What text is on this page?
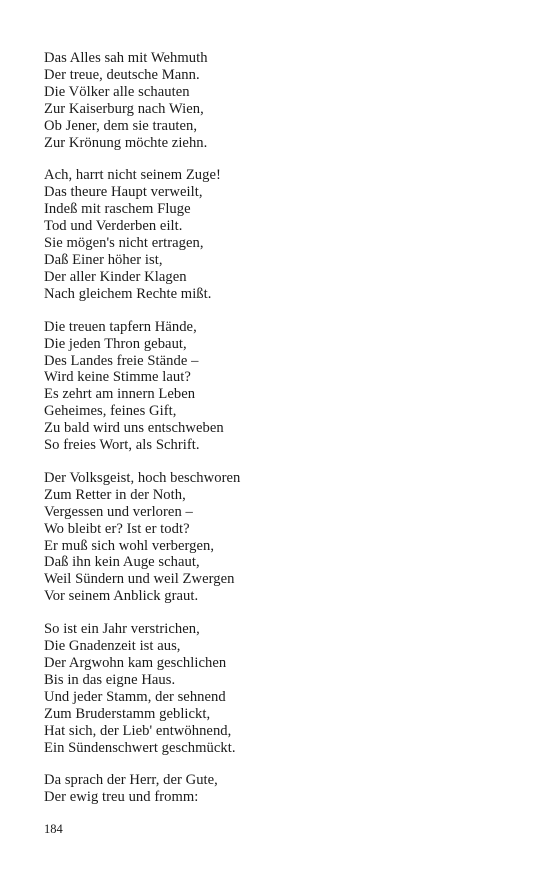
Das Alles sah mit Wehmuth
Der treue, deutsche Mann.
Die Völker alle schauten
Zur Kaiserburg nach Wien,
Ob Jener, dem sie trauten,
Zur Krönung möchte ziehn.
Ach, harrt nicht seinem Zuge!
Das theure Haupt verweilt,
Indeß mit raschem Fluge
Tod und Verderben eilt.
Sie mögen's nicht ertragen,
Daß Einer höher ist,
Der aller Kinder Klagen
Nach gleichem Rechte mißt.
Die treuen tapfern Hände,
Die jeden Thron gebaut,
Des Landes freie Stände –
Wird keine Stimme laut?
Es zehrt am innern Leben
Geheimes, feines Gift,
Zu bald wird uns entschweben
So freies Wort, als Schrift.
Der Volksgeist, hoch beschworen
Zum Retter in der Noth,
Vergessen und verloren –
Wo bleibt er? Ist er todt?
Er muß sich wohl verbergen,
Daß ihn kein Auge schaut,
Weil Sündern und weil Zwergen
Vor seinem Anblick graut.
So ist ein Jahr verstrichen,
Die Gnadenzeit ist aus,
Der Argwohn kam geschlichen
Bis in das eigne Haus.
Und jeder Stamm, der sehnend
Zum Bruderstamm geblickt,
Hat sich, der Lieb' entwöhnend,
Ein Sündenschwert geschmückt.
Da sprach der Herr, der Gute,
Der ewig treu und fromm:
184
